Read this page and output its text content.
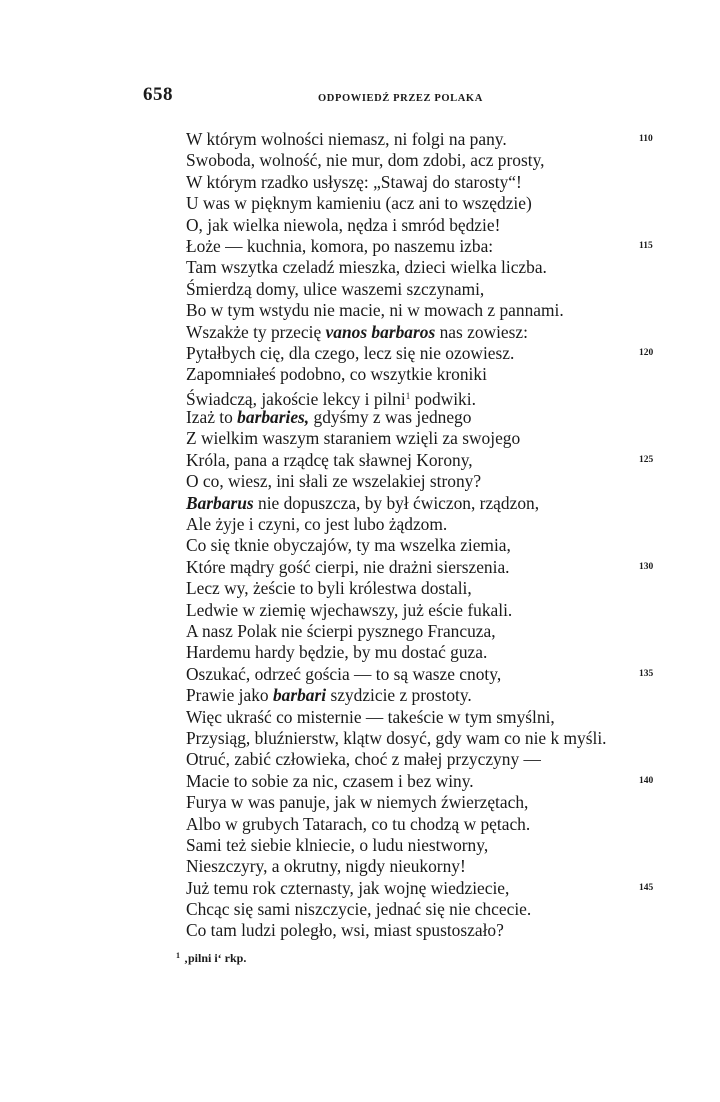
658	ODPOWIEDŹ PRZEZ POLAKA
W którym wolności niemasz, ni folgi na pany.	110
Swoboda, wolność, nie mur, dom zdobi, acz prosty,
W którym rzadko usłyszę: „Stawaj do starosty“!
U was w pięknym kamieniu (acz ani to wszędzie)
O, jak wielka niewola, nędza i smród będzie!
Łoże — kuchnia, komora, po naszemu izba:	115
Tam wszytka czeladź mieszka, dzieci wielka liczba.
Śmierdzą domy, ulice waszemi szczynami,
Bo w tym wstydu nie macie, ni w mowach z pannami.
Wszakże ty przecię vanos barbaros nas zowiesz:
Pytałbych cię, dla czego, lecz się nie ozowiesz.	120
Zapomniałeś podobno, co wszytkie kroniki
Świadczą, jakoście lekcy i pilni$^1$ podwiki.
Izaż to barbaries, gdyśmy z was jednego
Z wielkim waszym staraniem wzięli za swojego
Króla, pana a rządcę tak sławnej Korony,	125
O co, wiesz, ini słali ze wszelakiej strony?
Barbarus nie dopuszcza, by był ćwiczon, rządzon,
Ale żyje i czyni, co jest lubo żądzom.
Co się tknie obyczajów, ty ma wszelka ziemia,
Które mądry gość cierpi, nie drażni sierszenia.	130
Lecz wy, żeście to byli królestwa dostali,
Ledwie w ziemię wjechawszy, już eście fukali.
A nasz Polak nie ścierpi pysznego Francuza,
Hardemu hardy będzie, by mu dostać guza.
Oszukać, odrzeć gościa — to są wasze cnoty,	135
Prawie jako barbari szydzicie z prostoty.
Więc ukraść co misternie — takeście w tym smyślni,
Przysiąg, bluźnierstw, klątw dosyć, gdy wam co nie k myśli.
Otruć, zabić człowieka, choć z małej przyczyny —
Macie to sobie za nic, czasem i bez winy.	140
Furya w was panuje, jak w niemych źwierzętach,
Albo w grubych Tatarach, co tu chodzą w pętach.
Sami też siebie klniecie, o ludu niestworny,
Nieszczyry, a okrutny, nigdy nieukorny!
Już temu rok czternasty, jak wojnę wiedziecie,	145
Chcąc się sami niszczycie, jednać się nie chcecie.
Co tam ludzi poległo, wsi, miast spustoszało?
$^1$ ‚pilni i‘ rkp.
